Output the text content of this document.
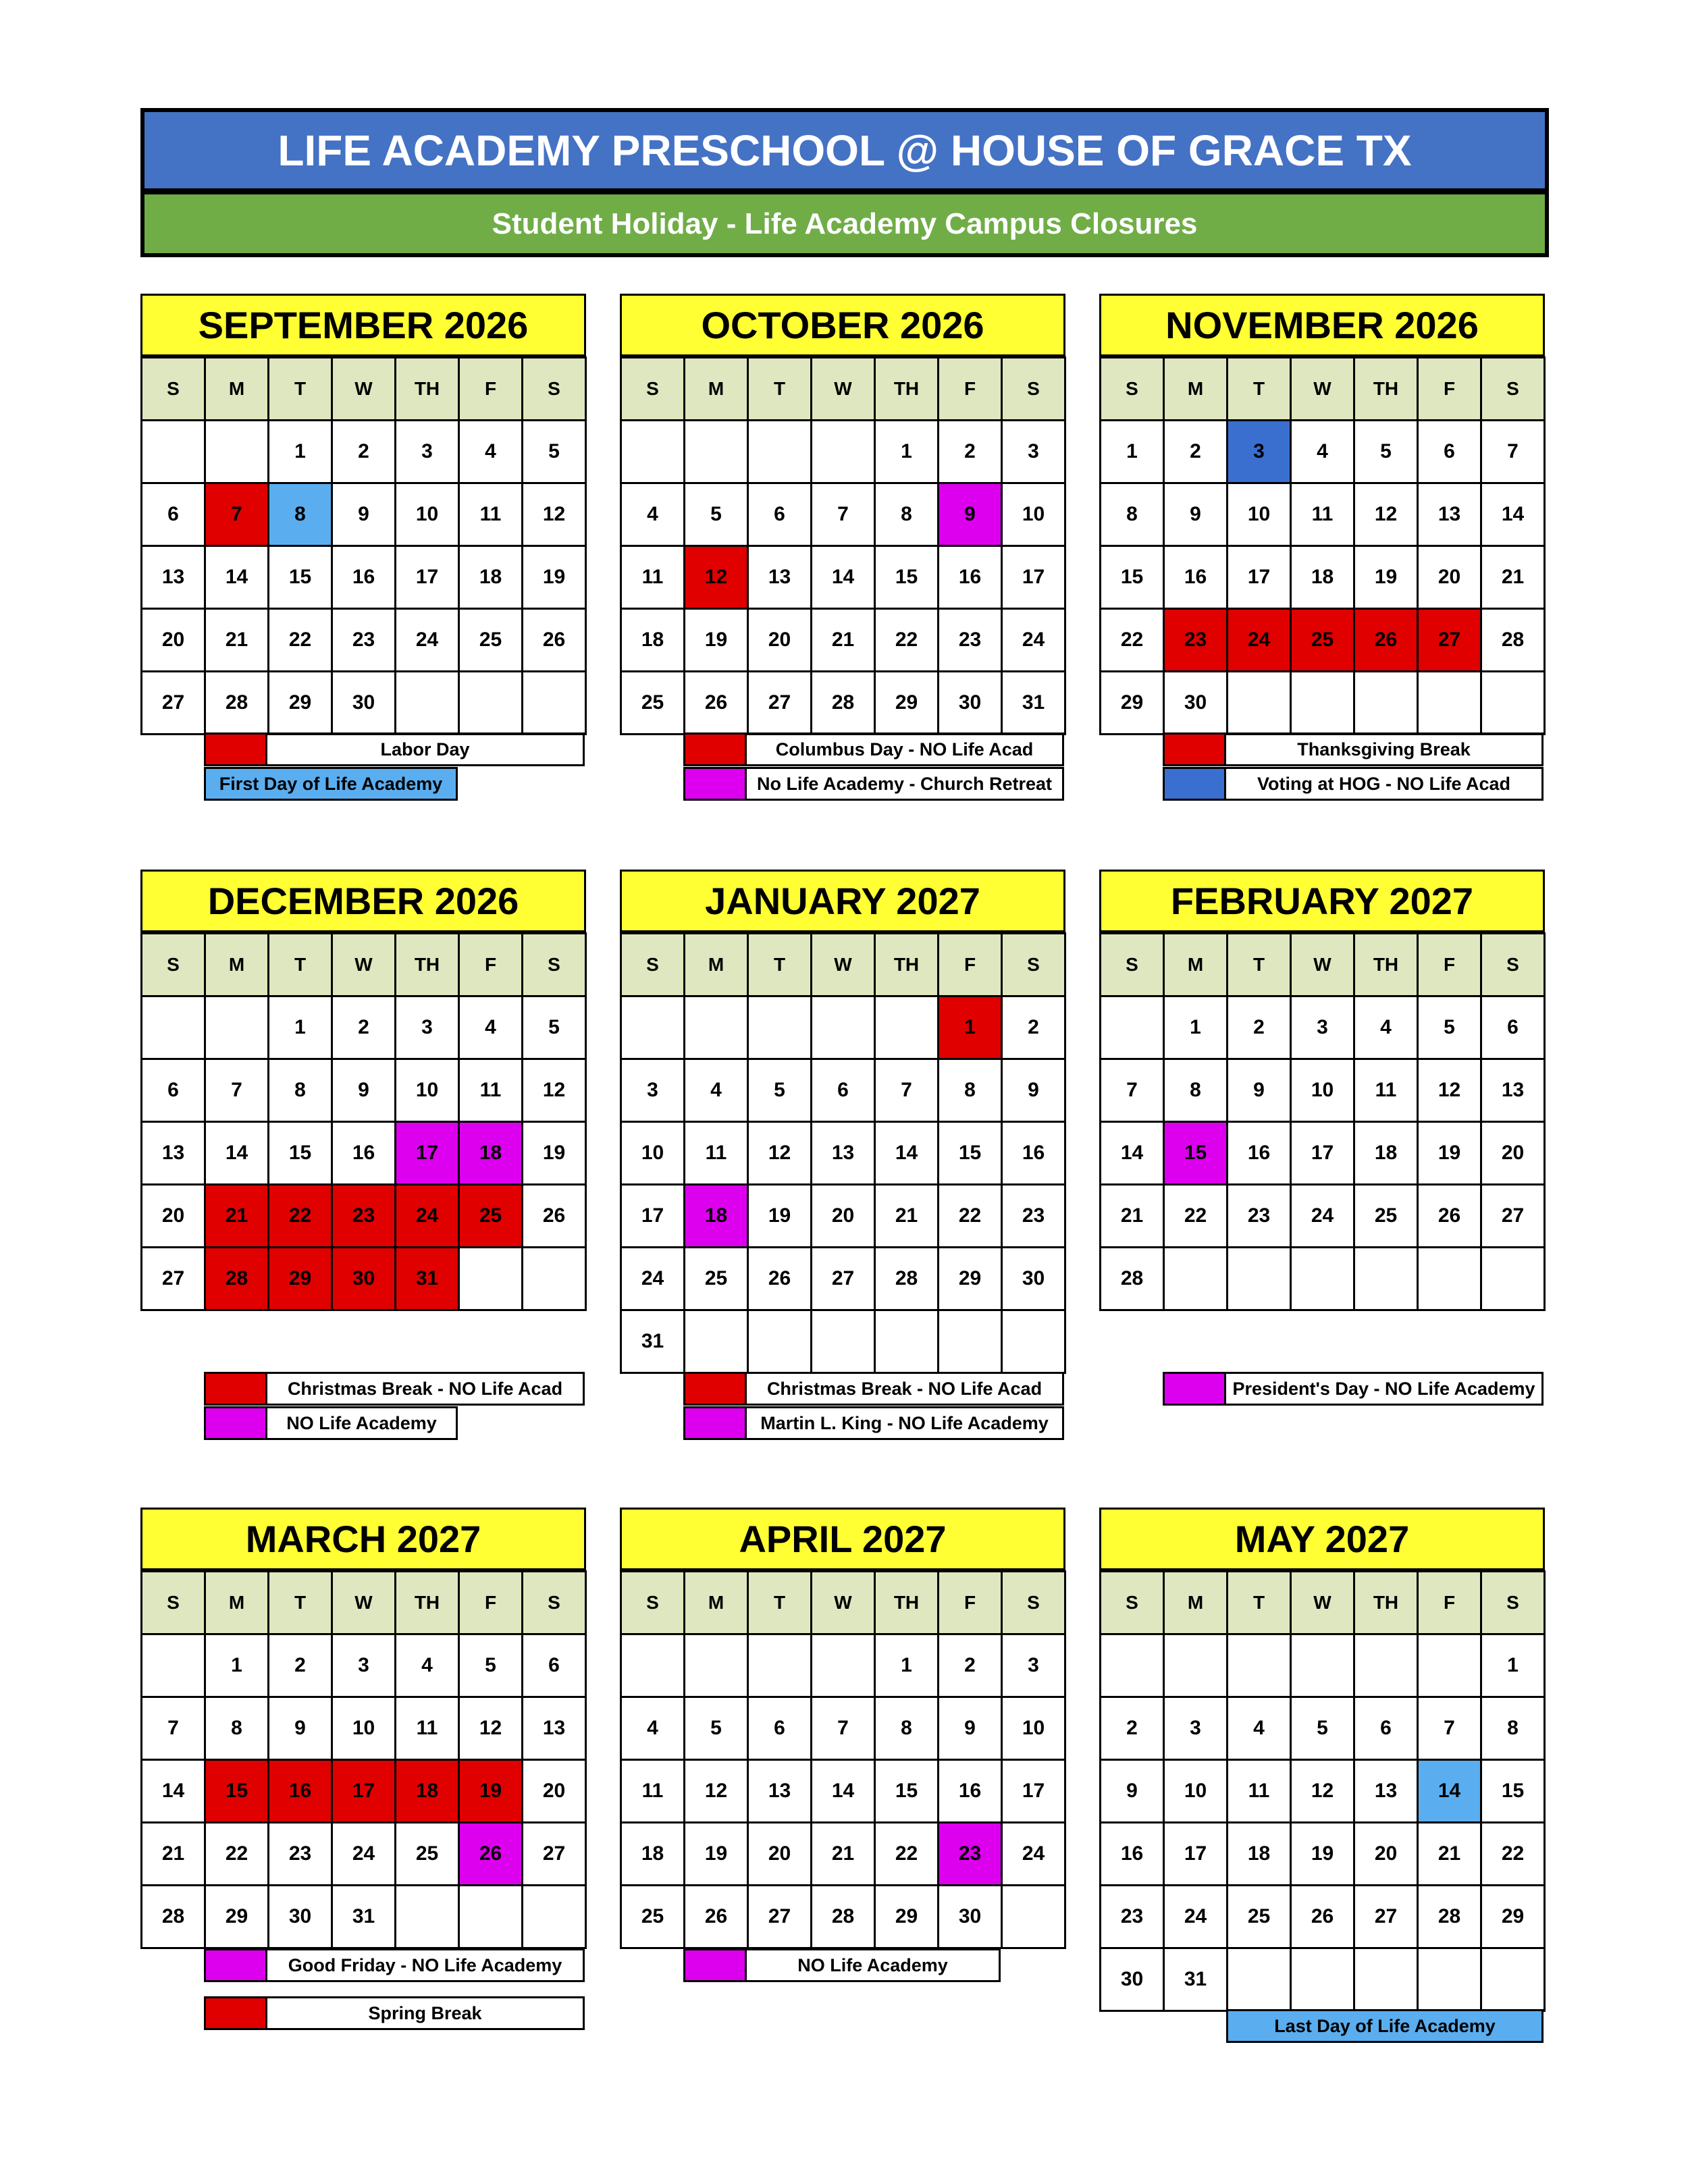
LIFE ACADEMY PRESCHOOL @ HOUSE OF GRACE TX
Student Holiday - Life Academy Campus Closures
SEPTEMBER 2026
S	M	T	W	TH	F	S
		1	2	3	4	5
6	7	8	9	10	11	12
13	14	15	16	17	18	19
20	21	22	23	24	25	26
27	28	29	30			
Labor Day
First Day of Life Academy
OCTOBER 2026
S	M	T	W	TH	F	S
				1	2	3
4	5	6	7	8	9	10
11	12	13	14	15	16	17
18	19	20	21	22	23	24
25	26	27	28	29	30	31
Columbus Day - NO Life Acad
No Life Academy - Church Retreat
NOVEMBER 2026
S	M	T	W	TH	F	S
1	2	3	4	5	6	7
8	9	10	11	12	13	14
15	16	17	18	19	20	21
22	23	24	25	26	27	28
29	30					
Thanksgiving Break
Voting at HOG - NO Life Acad
DECEMBER 2026
S	M	T	W	TH	F	S
		1	2	3	4	5
6	7	8	9	10	11	12
13	14	15	16	17	18	19
20	21	22	23	24	25	26
27	28	29	30	31		
Christmas Break - NO Life Acad
NO Life Academy
JANUARY 2027
S	M	T	W	TH	F	S
					1	2
3	4	5	6	7	8	9
10	11	12	13	14	15	16
17	18	19	20	21	22	23
24	25	26	27	28	29	30
31						
Christmas Break - NO Life Acad
Martin L. King - NO Life Academy
FEBRUARY 2027
S	M	T	W	TH	F	S
	1	2	3	4	5	6
7	8	9	10	11	12	13
14	15	16	17	18	19	20
21	22	23	24	25	26	27
28						
President's Day - NO Life Academy
MARCH 2027
S	M	T	W	TH	F	S
	1	2	3	4	5	6
7	8	9	10	11	12	13
14	15	16	17	18	19	20
21	22	23	24	25	26	27
28	29	30	31			
Good Friday - NO Life Academy
Spring Break
APRIL 2027
S	M	T	W	TH	F	S
				1	2	3
4	5	6	7	8	9	10
11	12	13	14	15	16	17
18	19	20	21	22	23	24
25	26	27	28	29	30	
NO Life Academy
MAY 2027
S	M	T	W	TH	F	S
						1
2	3	4	5	6	7	8
9	10	11	12	13	14	15
16	17	18	19	20	21	22
23	24	25	26	27	28	29
30	31					
Last Day of Life Academy
